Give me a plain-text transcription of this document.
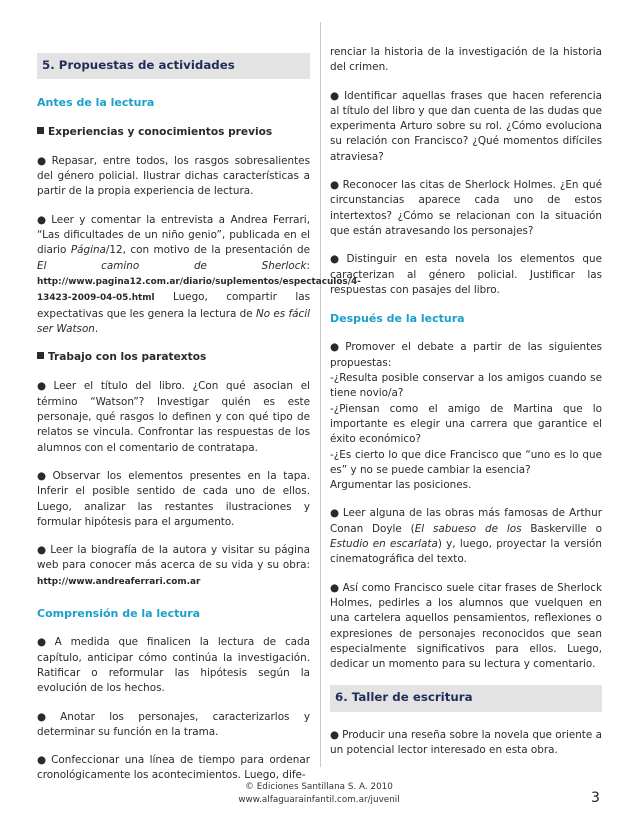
5. Propuestas de actividades
Antes de la lectura
Experiencias y conocimientos previos

● Repasar, entre todos, los rasgos sobresalientes del género policial. Ilustrar dichas características a partir de la propia experiencia de lectura.

● Leer y comentar la entrevista a Andrea Ferrari, “Las dificultades de un niño genio”, publicada en el diario Página/12, con motivo de la presentación de El camino de Sherlock: http://www.pagina12.com.ar/diario/suplementos/espectaculos/4-13423-2009-04-05.html Luego, compartir las expectativas que les genera la lectura de No es fácil ser Watson.

Trabajo con los paratextos

● Leer el título del libro. ¿Con qué asocian el término “Watson”? Investigar quién es este personaje, qué rasgos lo definen y con qué tipo de relatos se vincula. Confrontar las respuestas de los alumnos con el comentario de contratapa.

● Observar los elementos presentes en la tapa. Inferir el posible sentido de cada uno de ellos. Luego, analizar las restantes ilustraciones y formular hipótesis para el argumento.

● Leer la biografía de la autora y visitar su página web para conocer más acerca de su vida y su obra: http://www.andreaferrari.com.ar

Comprensión de la lectura

● A medida que finalicen la lectura de cada capítulo, anticipar cómo continúa la investigación. Ratificar o reformular las hipótesis según la evolución de los hechos.

● Anotar los personajes, caracterizarlos y determinar su función en la trama.

● Confeccionar una línea de tiempo para ordenar cronológicamente los acontecimientos. Luego, dife-

renciar la historia de la investigación de la historia del crimen.

● Identificar aquellas frases que hacen referencia al título del libro y que dan cuenta de las dudas que experimenta Arturo sobre su rol. ¿Cómo evoluciona su relación con Francisco? ¿Qué momentos difíciles atraviesa?

● Reconocer las citas de Sherlock Holmes. ¿En qué circunstancias aparece cada uno de estos intertextos? ¿Cómo se relacionan con la situación que están atravesando los personajes?

● Distinguir en esta novela los elementos que caracterizan al género policial. Justificar las respuestas con pasajes del libro.

Después de la lectura

● Promover el debate a partir de las siguientes propuestas:
-¿Resulta posible conservar a los amigos cuando se tiene novio/a?
-¿Piensan como el amigo de Martina que lo importante es elegir una carrera que garantice el éxito económico?
-¿Es cierto lo que dice Francisco que “uno es lo que es” y no se puede cambiar la esencia?
Argumentar las posiciones.

● Leer alguna de las obras más famosas de Arthur Conan Doyle (El sabueso de los Baskerville o Estudio en escarlata) y, luego, proyectar la versión cinematográfica del texto.

● Así como Francisco suele citar frases de Sherlock Holmes, pedirles a los alumnos que vuelquen en una cartelera aquellos pensamientos, reflexiones o expresiones de personajes reconocidos que sean especialmente significativos para ellos. Luego, dedicar un momento para su lectura y comentario.

6. Taller de escritura

● Producir una reseña sobre la novela que oriente a un potencial lector interesado en esta obra.

© Ediciones Santillana S. A. 2010
www.alfaguarainfantil.com.ar/juvenil	3
